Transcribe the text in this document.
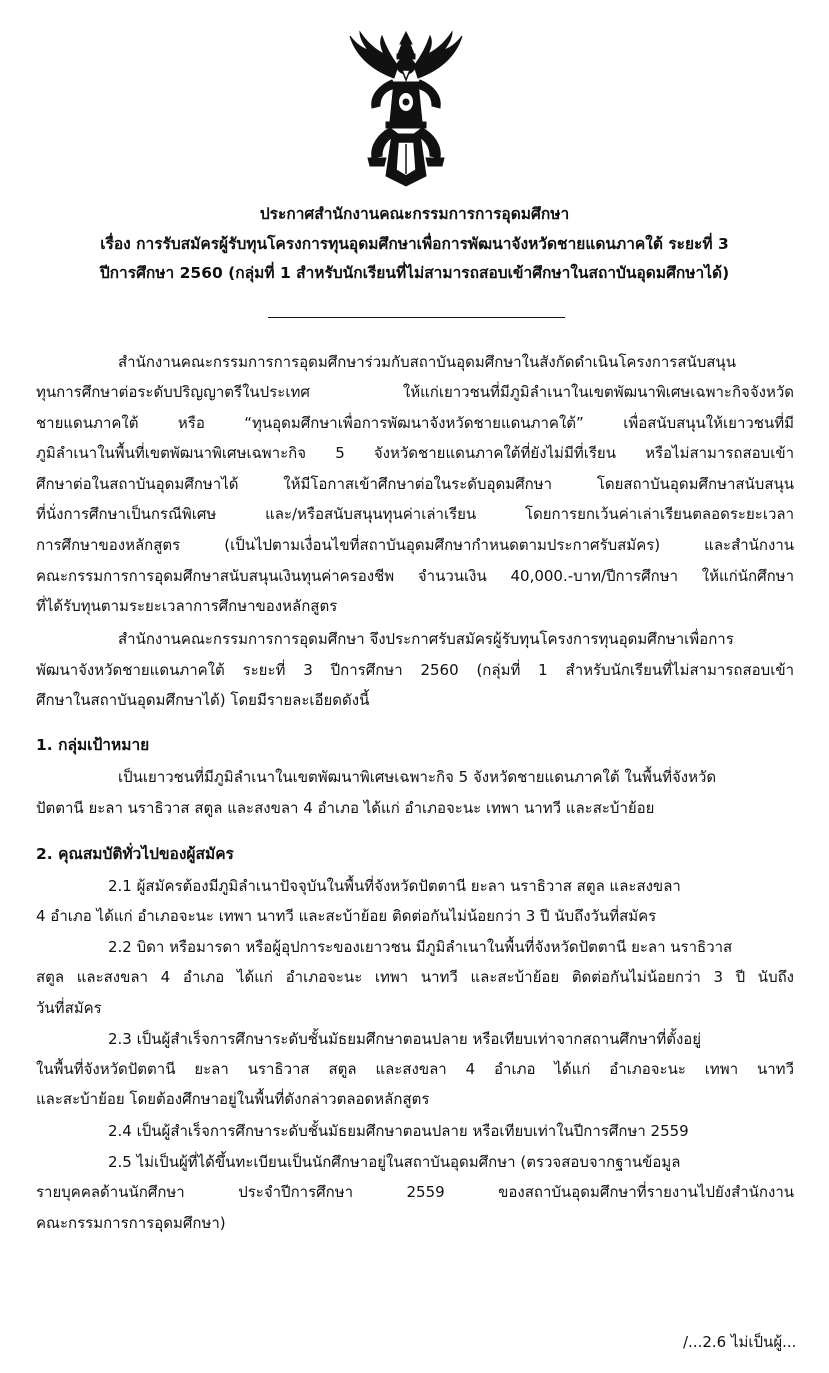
ประกาศสำนักงานคณะกรรมการการอุดมศึกษา
เรื่อง การรับสมัครผู้รับทุนโครงการทุนอุดมศึกษาเพื่อการพัฒนาจังหวัดชายแดนภาคใต้ ระยะที่ 3
ปีการศึกษา 2560 (กลุ่มที่ 1 สำหรับนักเรียนที่ไม่สามารถสอบเข้าศึกษาในสถาบันอุดมศึกษาได้)
สำนักงานคณะกรรมการการอุดมศึกษาร่วมกับสถาบันอุดมศึกษาในสังกัดดำเนินโครงการสนับสนุน
ทุนการศึกษาต่อระดับปริญญาตรีในประเทศ ให้แก่เยาวชนที่มีภูมิลำเนาในเขตพัฒนาพิเศษเฉพาะกิจจังหวัด
ชายแดนภาคใต้ หรือ “ทุนอุดมศึกษาเพื่อการพัฒนาจังหวัดชายแดนภาคใต้” เพื่อสนับสนุนให้เยาวชนที่มี
ภูมิลำเนาในพื้นที่เขตพัฒนาพิเศษเฉพาะกิจ 5 จังหวัดชายแดนภาคใต้ที่ยังไม่มีที่เรียน หรือไม่สามารถสอบเข้า
ศึกษาต่อในสถาบันอุดมศึกษาได้ ให้มีโอกาสเข้าศึกษาต่อในระดับอุดมศึกษา โดยสถาบันอุดมศึกษาสนับสนุน
ที่นั่งการศึกษาเป็นกรณีพิเศษ และ/หรือสนับสนุนทุนค่าเล่าเรียน โดยการยกเว้นค่าเล่าเรียนตลอดระยะเวลา
การศึกษาของหลักสูตร (เป็นไปตามเงื่อนไขที่สถาบันอุดมศึกษากำหนดตามประกาศรับสมัคร) และสำนักงาน
คณะกรรมการการอุดมศึกษาสนับสนุนเงินทุนค่าครองชีพ จำนวนเงิน 40,000.-บาท/ปีการศึกษา ให้แก่นักศึกษา
ที่ได้รับทุนตามระยะเวลาการศึกษาของหลักสูตร
สำนักงานคณะกรรมการการอุดมศึกษา จึงประกาศรับสมัครผู้รับทุนโครงการทุนอุดมศึกษาเพื่อการ
พัฒนาจังหวัดชายแดนภาคใต้ ระยะที่ 3 ปีการศึกษา 2560 (กลุ่มที่ 1 สำหรับนักเรียนที่ไม่สามารถสอบเข้า
ศึกษาในสถาบันอุดมศึกษาได้) โดยมีรายละเอียดดังนี้
1. กลุ่มเป้าหมาย
เป็นเยาวชนที่มีภูมิลำเนาในเขตพัฒนาพิเศษเฉพาะกิจ 5 จังหวัดชายแดนภาคใต้ ในพื้นที่จังหวัด
ปัตตานี ยะลา นราธิวาส สตูล และสงขลา 4 อำเภอ ได้แก่ อำเภอจะนะ เทพา นาทวี และสะบ้าย้อย
2. คุณสมบัติทั่วไปของผู้สมัคร
2.1 ผู้สมัครต้องมีภูมิลำเนาปัจจุบันในพื้นที่จังหวัดปัตตานี ยะลา นราธิวาส สตูล และสงขลา
4 อำเภอ ได้แก่ อำเภอจะนะ เทพา นาทวี และสะบ้าย้อย ติดต่อกันไม่น้อยกว่า 3 ปี นับถึงวันที่สมัคร
2.2 บิดา หรือมารดา หรือผู้อุปการะของเยาวชน มีภูมิลำเนาในพื้นที่จังหวัดปัตตานี ยะลา นราธิวาส
สตูล และสงขลา 4 อำเภอ ได้แก่ อำเภอจะนะ เทพา นาทวี และสะบ้าย้อย ติดต่อกันไม่น้อยกว่า 3 ปี นับถึง
วันที่สมัคร
2.3 เป็นผู้สำเร็จการศึกษาระดับชั้นมัธยมศึกษาตอนปลาย หรือเทียบเท่าจากสถานศึกษาที่ตั้งอยู่
ในพื้นที่จังหวัดปัตตานี ยะลา นราธิวาส สตูล และสงขลา 4 อำเภอ ได้แก่ อำเภอจะนะ เทพา นาทวี
และสะบ้าย้อย โดยต้องศึกษาอยู่ในพื้นที่ดังกล่าวตลอดหลักสูตร
2.4 เป็นผู้สำเร็จการศึกษาระดับชั้นมัธยมศึกษาตอนปลาย หรือเทียบเท่าในปีการศึกษา 2559
2.5 ไม่เป็นผู้ที่ได้ขึ้นทะเบียนเป็นนักศึกษาอยู่ในสถาบันอุดมศึกษา (ตรวจสอบจากฐานข้อมูล
รายบุคคลด้านนักศึกษา ประจำปีการศึกษา 2559 ของสถาบันอุดมศึกษาที่รายงานไปยังสำนักงาน
คณะกรรมการการอุดมศึกษา)
/...2.6 ไม่เป็นผู้...
